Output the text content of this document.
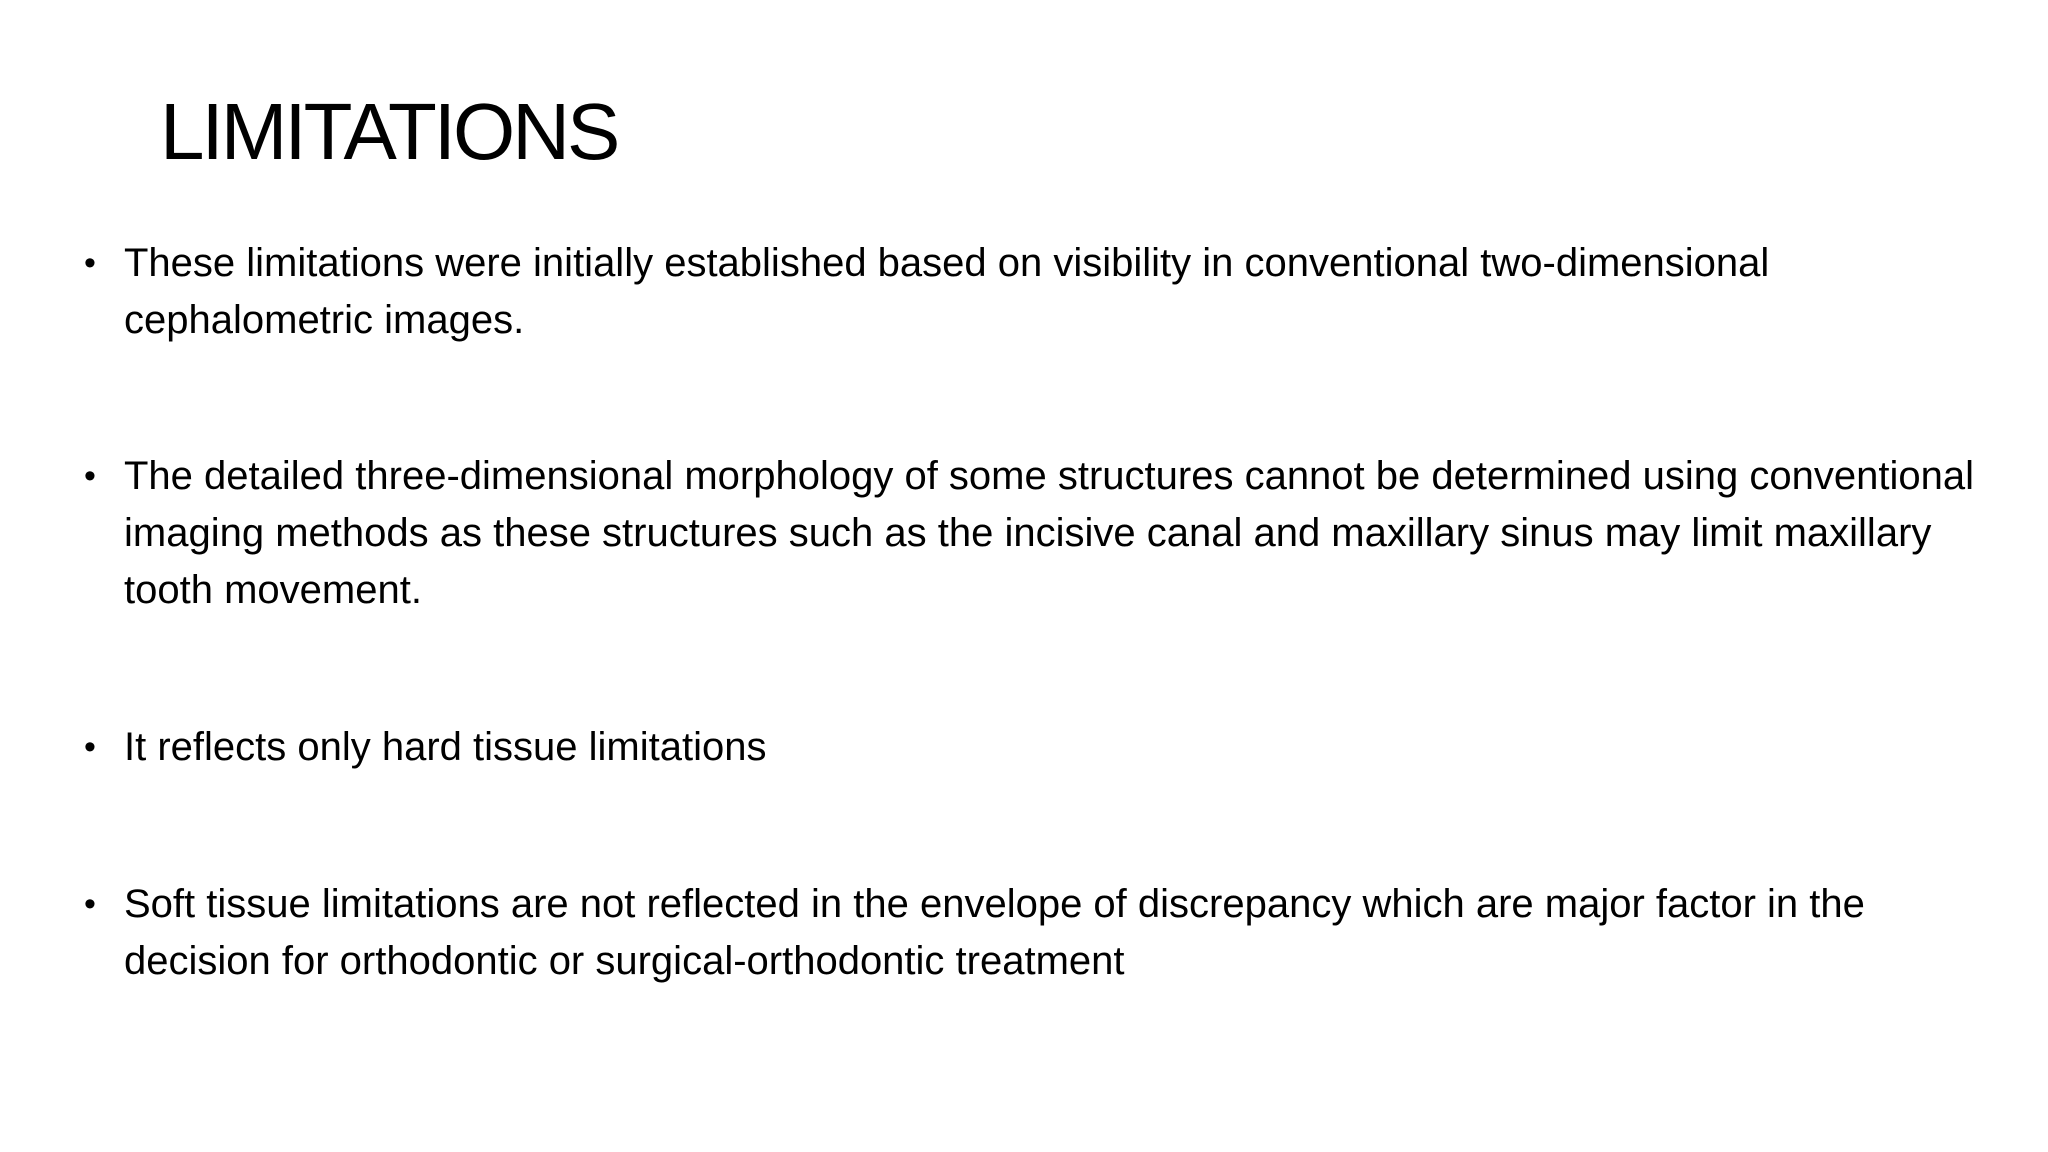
LIMITATIONS
• These limitations were initially established based on visibility in conventional two-dimensional cephalometric images.
• The detailed three-dimensional morphology of some structures cannot be determined using conventional imaging methods as these structures such as the incisive canal and maxillary sinus may limit maxillary tooth movement.
• It reflects only hard tissue limitations
• Soft tissue limitations are not reflected in the envelope of discrepancy which are major factor in the decision for orthodontic or surgical-orthodontic treatment
